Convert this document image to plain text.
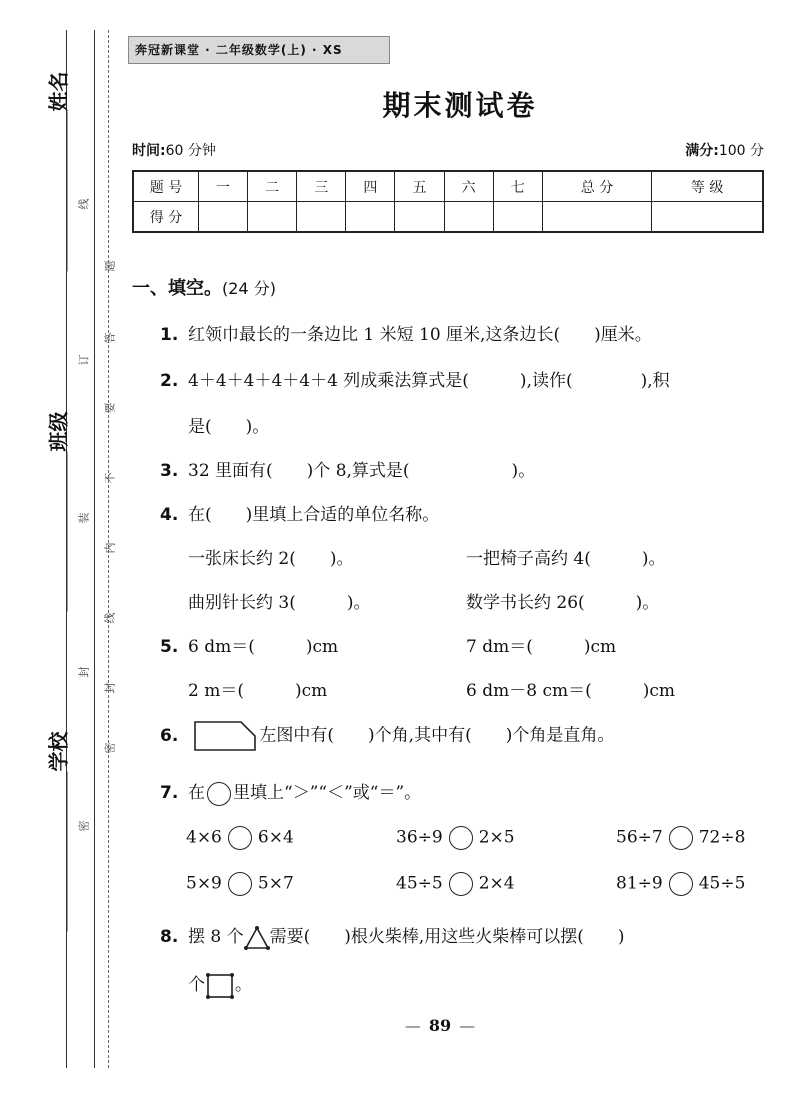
姓名
班级
学校
线
订
装
封
密
题
答
要
不
内
线
封
密
奔冠新课堂 · 二年级数学(上) · XS
期末测试卷
时间:60 分钟	满分:100 分
题 号	一	二	三	四	五	六	七	总 分	等 级
得 分									
一、填空。(24 分)
1. 红领巾最长的一条边比 1 米短 10 厘米,这条边长(　　)厘米。
2. 4＋4＋4＋4＋4＋4 列成乘法算式是(　　　),读作(　　　　),积
是(　　)。
3. 32 里面有(　　)个 8,算式是(　　　　　　)。
4. 在(　　)里填上合适的单位名称。
一张床长约 2(　　)。	一把椅子高约 4(　　　)。
曲别针长约 3(　　　)。	数学书长约 26(　　　)。
5. 6 dm＝(　　　)cm	7 dm＝(　　　)cm
2 m＝(　　　)cm	6 dm－8 cm＝(　　　)cm
6.	左图中有(　　)个角,其中有(　　)个角是直角。
7. 在 里填上“＞”“＜”或“＝”。
4×6 6×4	36÷9 2×5	56÷7 72÷8
5×9 5×7	45÷5 2×4	81÷9 45÷5
8. 摆 8 个 需要(　　)根火柴棒,用这些火柴棒可以摆(　　)
个 。
— 89 —
